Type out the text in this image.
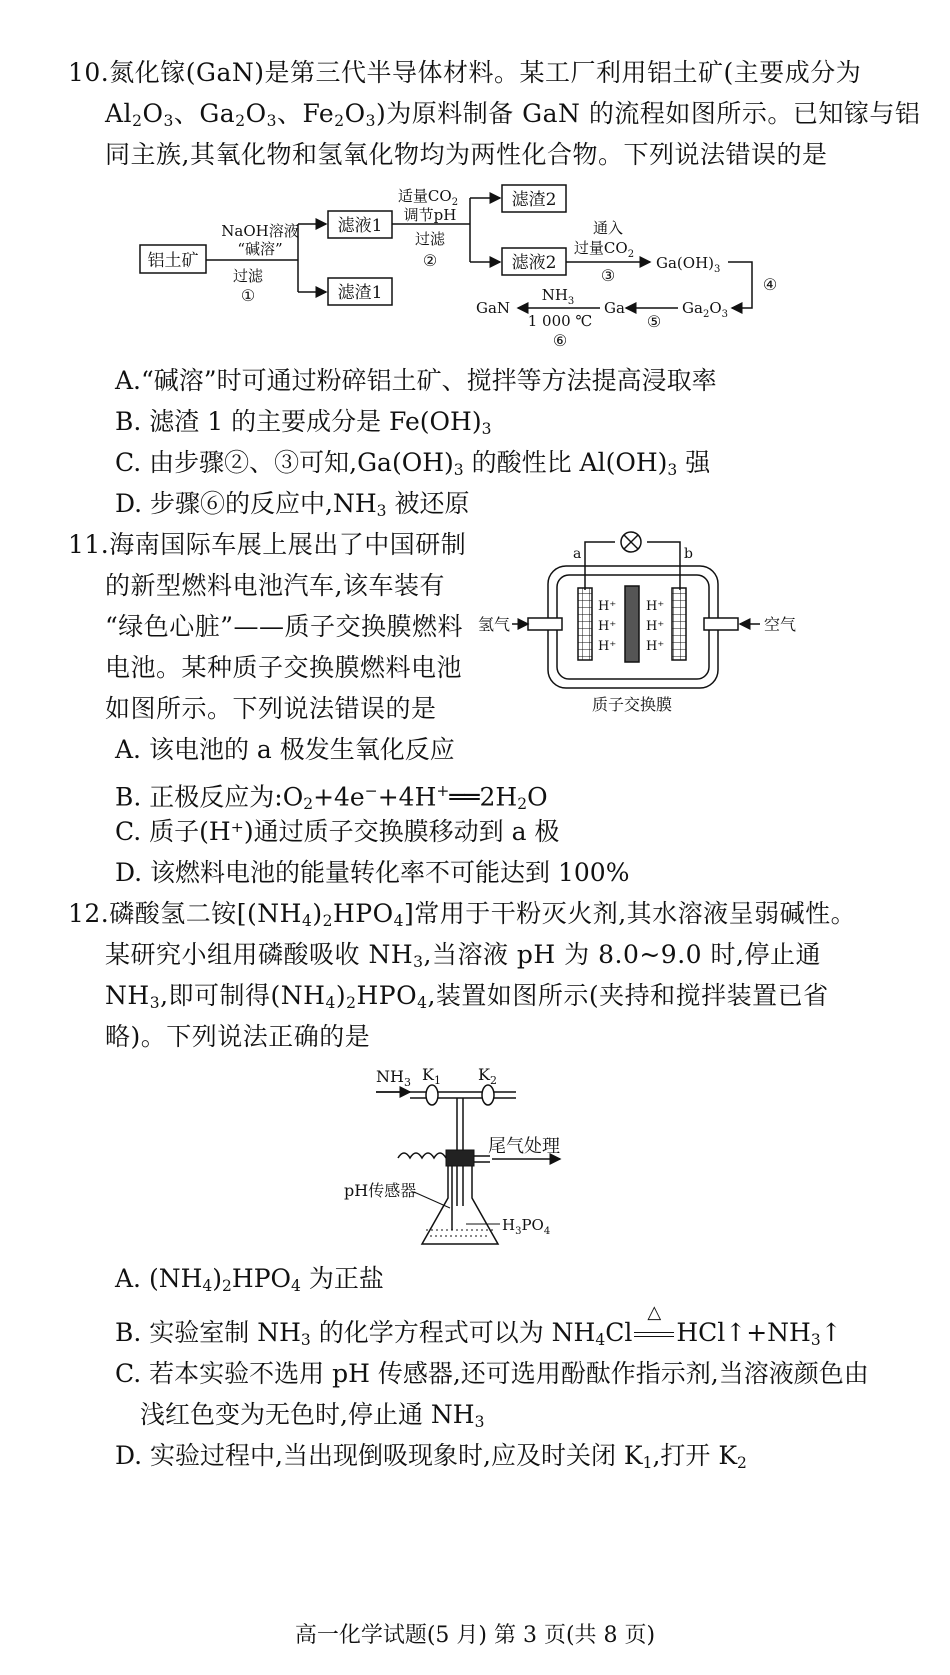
10.氮化镓(GaN)是第三代半导体材料。某工厂利用铝土矿(主要成分为
$Al_2O_3$、$Ga_2O_3$、$Fe_2O_3$)为原料制备 GaN 的流程如图所示。已知镓与铝
同主族,其氧化物和氢氧化物均为两性化合物。下列说法错误的是
铝土矿
NaOH溶液
“碱溶”
过滤
①
滤液1
滤渣1
适量$CO_2$
调节pH
过滤
②
滤渣2
滤液2
通入
过量$CO_2$
③
$Ga(OH)_3$
④
$Ga_2O_3$
⑤
Ga
$NH_3$
1 000 ℃
⑥
GaN
A.“碱溶”时可通过粉碎铝土矿、搅拌等方法提高浸取率
B. 滤渣 1 的主要成分是 $Fe(OH)_3$
C. 由步骤②、③可知$,Ga(OH)_3$ 的酸性比 $Al(OH)_3$ 强
D. 步骤⑥的反应中$,NH_3$ 被还原
11.海南国际车展上展出了中国研制
的新型燃料电池汽车,该车装有
“绿色心脏”——质子交换膜燃料
电池。某种质子交换膜燃料电池
如图所示。下列说法错误的是
a	b
H⁺
H⁺
H⁺
H⁺
H⁺
H⁺
氢气	空气
质子交换膜
A. 该电池的 a 极发生氧化反应
B. 正极反应为$:O_2+4e^-+4H^+══2H_2O$
C. 质子(H⁺)通过质子交换膜移动到 a 极
D. 该燃料电池的能量转化率不可能达到 100%
12.磷酸氢二铵$[(NH_4)_2HPO_4]$常用于干粉灭火剂,其水溶液呈弱碱性。
某研究小组用磷酸吸收 $NH_3$,当溶液 pH 为 8.0~9.0 时,停止通
$NH_3$,即可制得$(NH_4)_2HPO_4$,装置如图所示(夹持和搅拌装置已省
略)。下列说法正确的是
$NH_3$ $K_1$ $K_2$
尾气处理
pH传感器
$H_3PO_4$
A. $(NH_4)_2HPO_4$ 为正盐
B. 实验室制 $NH_3$ 的化学方程式可以为 $NH_4Cl$
△
$HCl↑+NH_3↑$
C. 若本实验不选用 pH 传感器,还可选用酚酞作指示剂,当溶液颜色由
浅红色变为无色时,停止通 $NH_3$
D. 实验过程中,当出现倒吸现象时,应及时关闭 $K_1$,打开 $K_2$
高一化学试题(5 月) 第 3 页(共 8 页)
